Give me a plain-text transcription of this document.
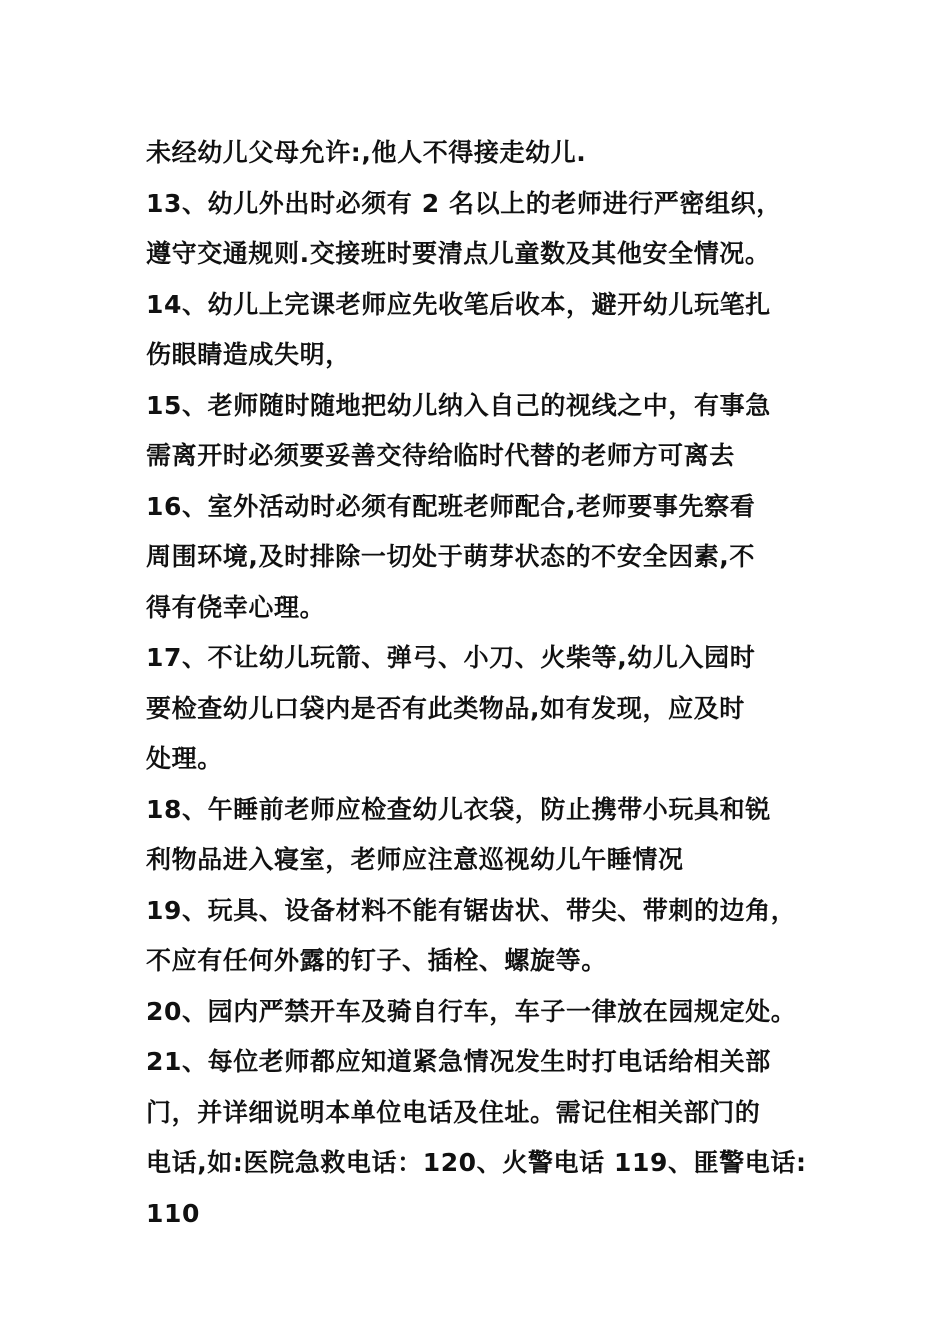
未经幼儿父母允许:,他人不得接走幼儿.
13、幼儿外出时必须有 2 名以上的老师进行严密组织，
遵守交通规则.交接班时要清点儿童数及其他安全情况。
14、幼儿上完课老师应先收笔后收本，避开幼儿玩笔扎
伤眼睛造成失明，
15、老师随时随地把幼儿纳入自己的视线之中，有事急
需离开时必须要妥善交待给临时代替的老师方可离去
16、室外活动时必须有配班老师配合,老师要事先察看
周围环境,及时排除一切处于萌芽状态的不安全因素,不
得有侥幸心理。
17、不让幼儿玩箭、弹弓、小刀、火柴等,幼儿入园时
要检查幼儿口袋内是否有此类物品,如有发现，应及时
处理。
18、午睡前老师应检查幼儿衣袋，防止携带小玩具和锐
利物品进入寝室，老师应注意巡视幼儿午睡情况
19、玩具、设备材料不能有锯齿状、带尖、带刺的边角，
不应有任何外露的钉子、插栓、螺旋等。
20、园内严禁开车及骑自行车，车子一律放在园规定处。
21、每位老师都应知道紧急情况发生时打电话给相关部
门，并详细说明本单位电话及住址。需记住相关部门的
电话,如:医院急救电话：120、火警电话 119、匪警电话:
110
